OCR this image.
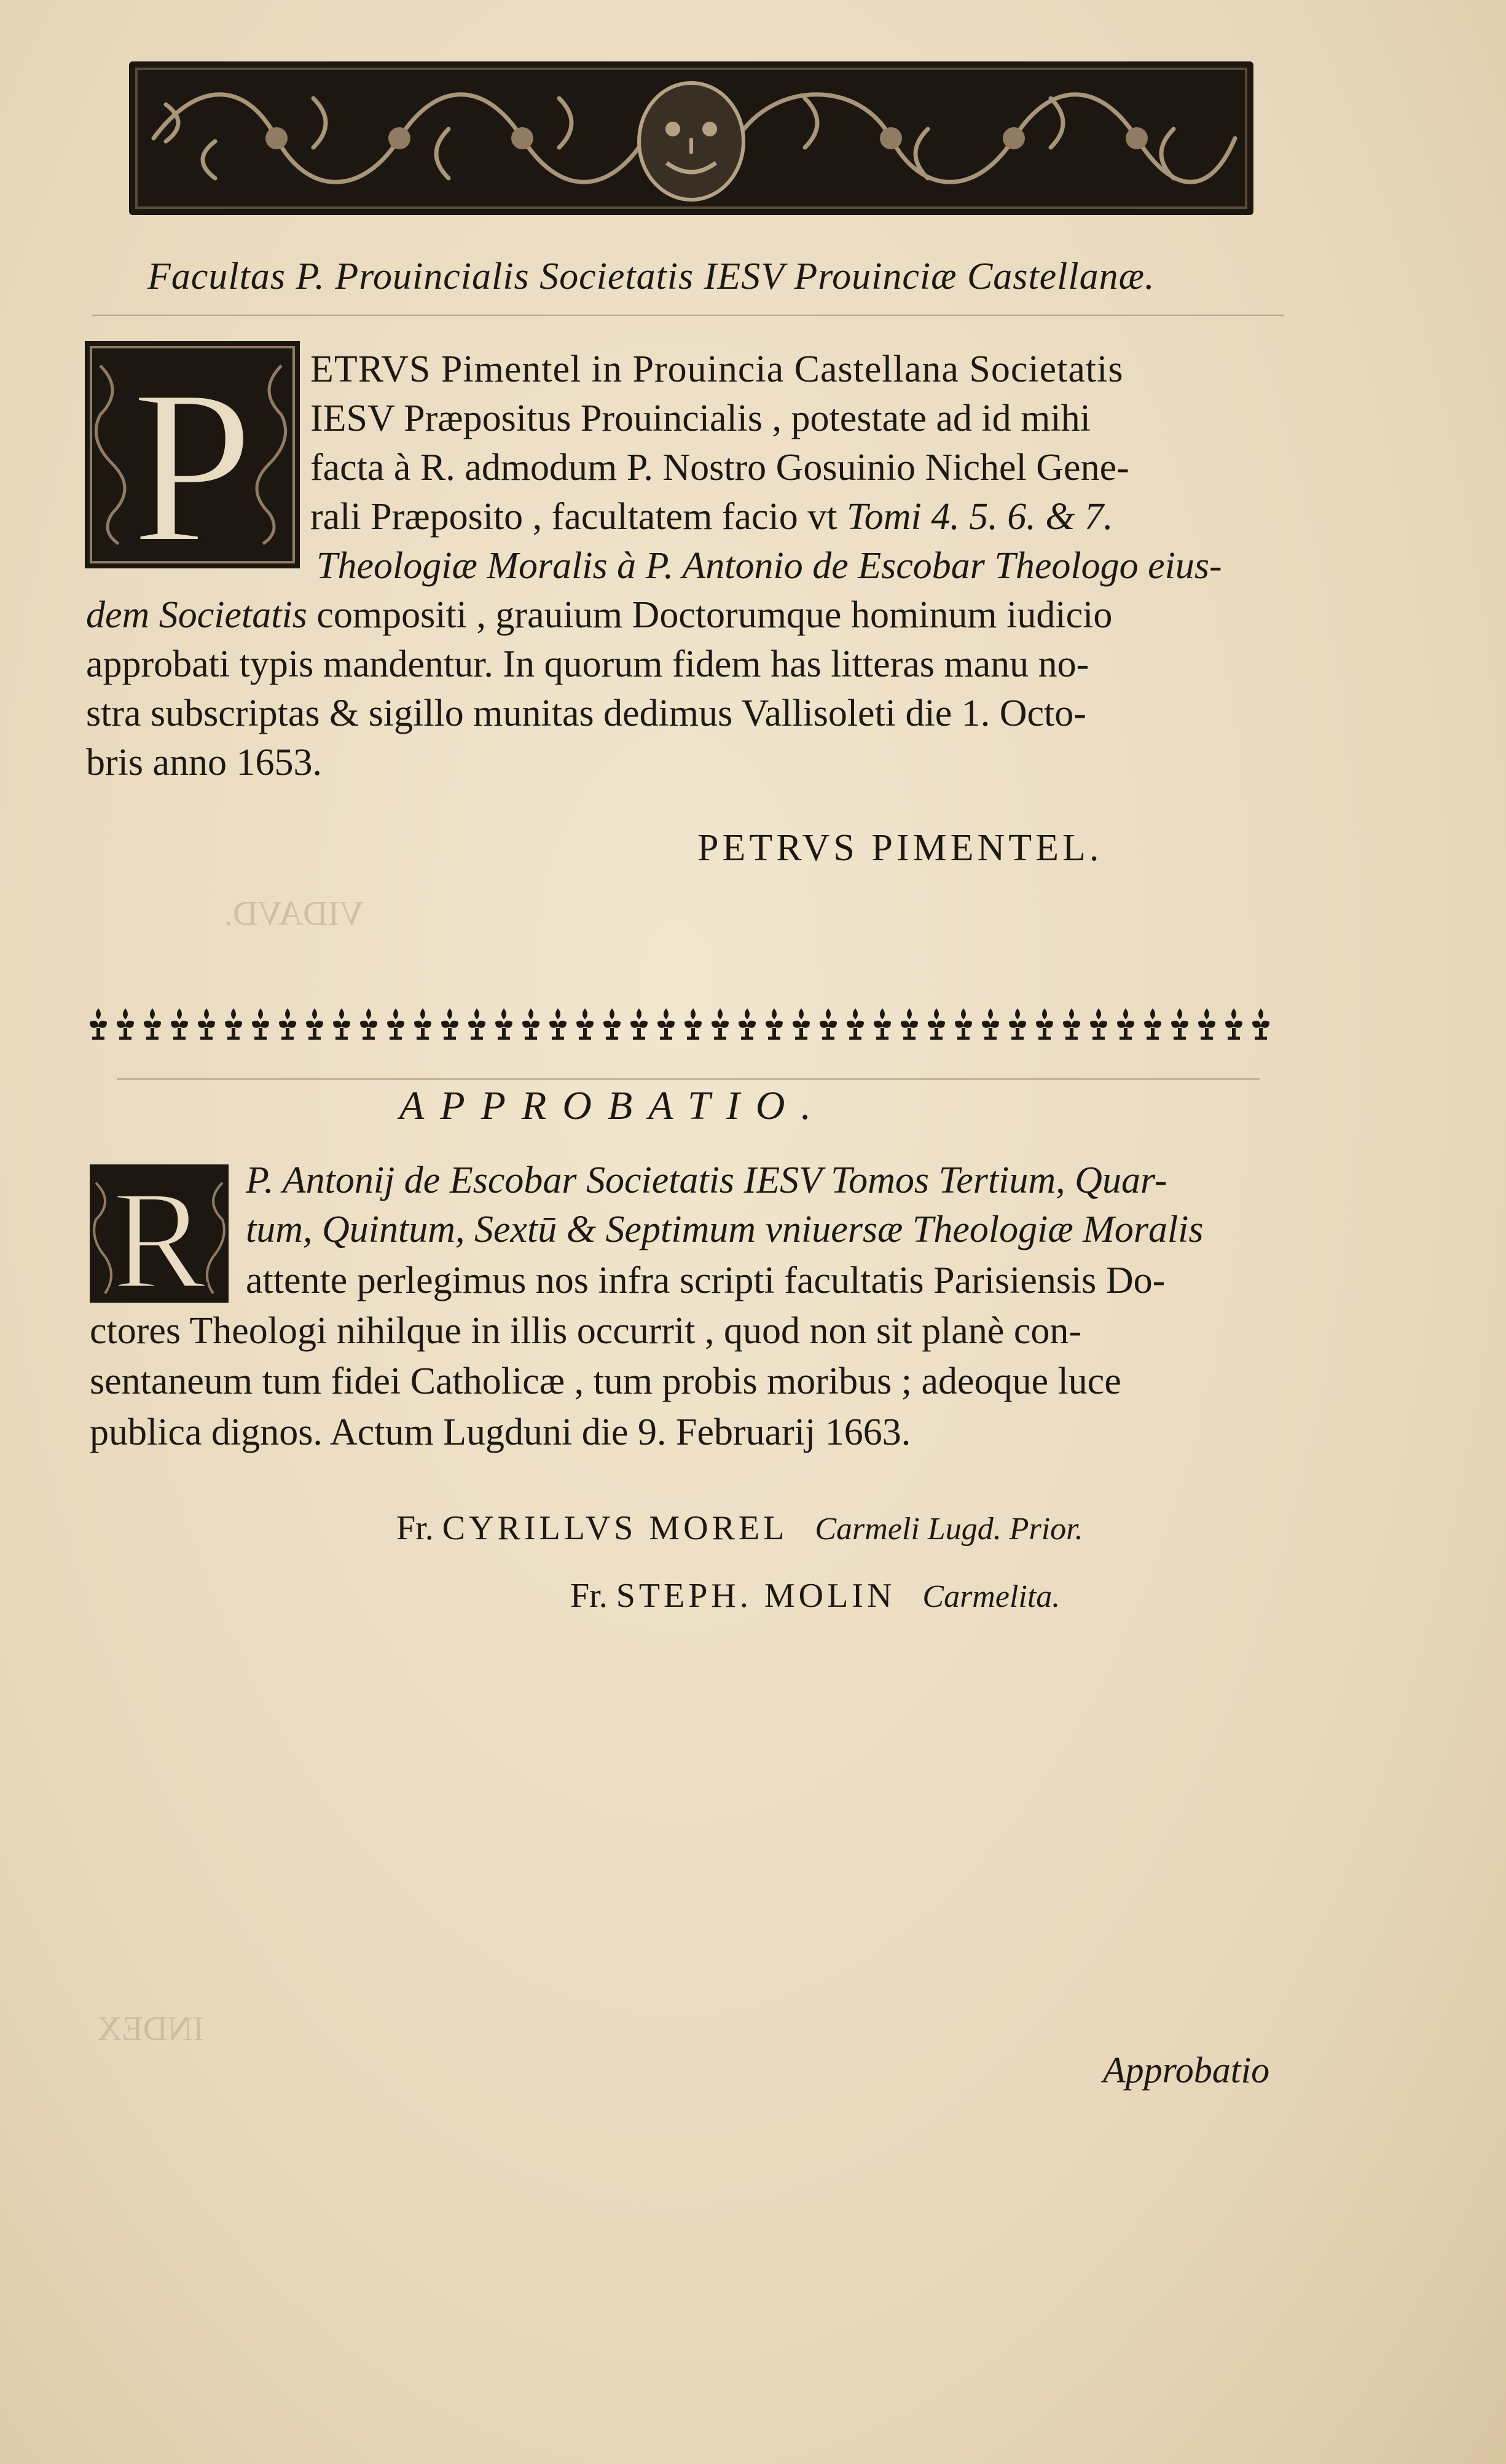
VIDAVD.
INDEX
Facultas P. Prouincialis Societatis IESV Prouinciæ Castellanæ.
P ETRVS Pimentel in Prouincia Castellana Societatis
IESV Præpositus Prouincialis , potestate ad id mihi
facta à R. admodum P. Nostro Gosuinio Nichel Gene-
rali Præposito , facultatem facio vt Tomi 4. 5. 6. & 7.
Theologiæ Moralis à P. Antonio de Escobar Theologo eius-
dem Societatis compositi , grauium Doctorumque hominum iudicio
approbati typis mandentur. In quorum fidem has litteras manu no-
stra subscriptas & sigillo munitas dedimus Vallisoleti die 1. Octo-
bris anno 1653.
PETRVS PIMENTEL.
APPROBATIO.
R P. Antonij de Escobar Societatis IESV Tomos Tertium, Quar-
tum, Quintum, Sextū & Septimum vniuersæ Theologiæ Moralis
attente perlegimus nos infra scripti facultatis Parisiensis Do-
ctores Theologi nihilque in illis occurrit , quod non sit planè con-
sentaneum tum fidei Catholicæ , tum probis moribus ; adeoque luce
publica dignos. Actum Lugduni die 9. Februarij 1663.
Fr. CYRILLVS MOREL Carmeli Lugd. Prior.
Fr. STEPH. MOLIN Carmelita.
Approbatio
